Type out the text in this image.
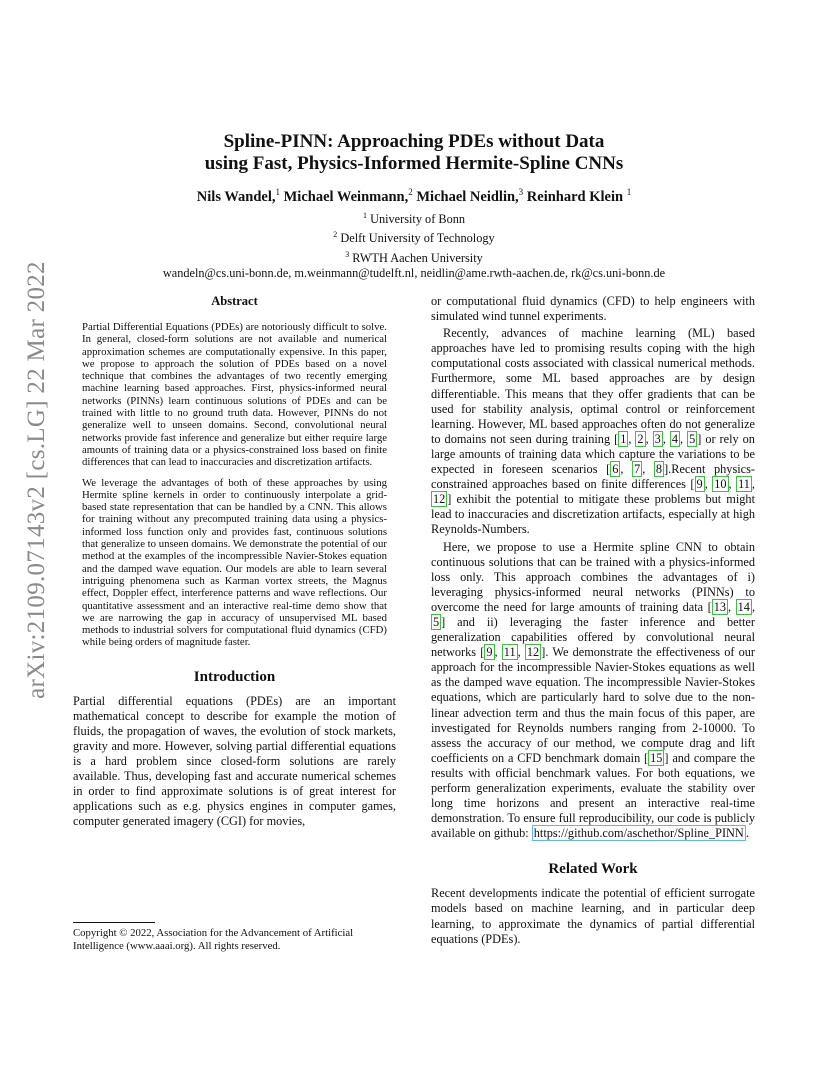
arXiv:2109.07143v2 [cs.LG] 22 Mar 2022
Spline-PINN: Approaching PDEs without Data
using Fast, Physics-Informed Hermite-Spline CNNs
Nils Wandel,$^1$ Michael Weinmann,$^2$ Michael Neidlin,$^3$ Reinhard Klein $^1$
$^1$ University of Bonn
$^2$ Delft University of Technology
$^3$ RWTH Aachen University
wandeln@cs.uni-bonn.de, m.weinmann@tudelft.nl, neidlin@ame.rwth-aachen.de, rk@cs.uni-bonn.de
Abstract

Partial Differential Equations (PDEs) are notoriously difficult to solve. In general, closed-form solutions are not available and numerical approximation schemes are computationally expensive. In this paper, we propose to approach the solution of PDEs based on a novel technique that combines the advantages of two recently emerging machine learning based approaches. First, physics-informed neural networks (PINNs) learn continuous solutions of PDEs and can be trained with little to no ground truth data. However, PINNs do not generalize well to unseen domains. Second, convolutional neural networks provide fast inference and generalize but either require large amounts of training data or a physics-constrained loss based on finite differences that can lead to inaccuracies and discretization artifacts.

We leverage the advantages of both of these approaches by using Hermite spline kernels in order to continuously interpolate a grid-based state representation that can be handled by a CNN. This allows for training without any precomputed training data using a physics-informed loss function only and provides fast, continuous solutions that generalize to unseen domains. We demonstrate the potential of our method at the examples of the incompressible Navier-Stokes equation and the damped wave equation. Our models are able to learn several intriguing phenomena such as Karman vortex streets, the Magnus effect, Doppler effect, interference patterns and wave reflections. Our quantitative assessment and an interactive real-time demo show that we are narrowing the gap in accuracy of unsupervised ML based methods to industrial solvers for computational fluid dynamics (CFD) while being orders of magnitude faster.

Introduction

Partial differential equations (PDEs) are an important mathematical concept to describe for example the motion of fluids, the propagation of waves, the evolution of stock markets, gravity and more. However, solving partial differential equations is a hard problem since closed-form solutions are rarely available. Thus, developing fast and accurate numerical schemes in order to find approximate solutions is of great interest for applications such as e.g. physics engines in computer games, computer generated imagery (CGI) for movies,

or computational fluid dynamics (CFD) to help engineers with simulated wind tunnel experiments.

Recently, advances of machine learning (ML) based approaches have led to promising results coping with the high computational costs associated with classical numerical methods. Furthermore, some ML based approaches are by design differentiable. This means that they offer gradients that can be used for stability analysis, optimal control or reinforcement learning. However, ML based approaches often do not generalize to domains not seen during training [ 1 , 2 , 3 , 4 , 5 ] or rely on large amounts of training data which capture the variations to be expected in foreseen scenarios [ 6 , 7 , 8 ].Recent physics-constrained approaches based on finite differences [ 9 , 10 , 11 , 12 ] exhibit the potential to mitigate these problems but might lead to inaccuracies and discretization artifacts, especially at high Reynolds-Numbers.

Here, we propose to use a Hermite spline CNN to obtain continuous solutions that can be trained with a physics-informed loss only. This approach combines the advantages of i) leveraging physics-informed neural networks (PINNs) to overcome the need for large amounts of training data [ 13 , 14 , 5 ] and ii) leveraging the faster inference and better generalization capabilities offered by convolutional neural networks [ 9 , 11 , 12 ]. We demonstrate the effectiveness of our approach for the incompressible Navier-Stokes equations as well as the damped wave equation. The incompressible Navier-Stokes equations, which are particularly hard to solve due to the non-linear advection term and thus the main focus of this paper, are investigated for Reynolds numbers ranging from 2-10000. To assess the accuracy of our method, we compute drag and lift coefficients on a CFD benchmark domain [ 15 ] and compare the results with official benchmark values. For both equations, we perform generalization experiments, evaluate the stability over long time horizons and present an interactive real-time demonstration. To ensure full reproducibility, our code is publicly available on github: https://github.com/aschethor/Spline_PINN .

Related Work

Recent developments indicate the potential of efficient surrogate models based on machine learning, and in particular deep learning, to approximate the dynamics of partial differential equations (PDEs).

Copyright © 2022, Association for the Advancement of Artificial Intelligence (www.aaai.org). All rights reserved.
